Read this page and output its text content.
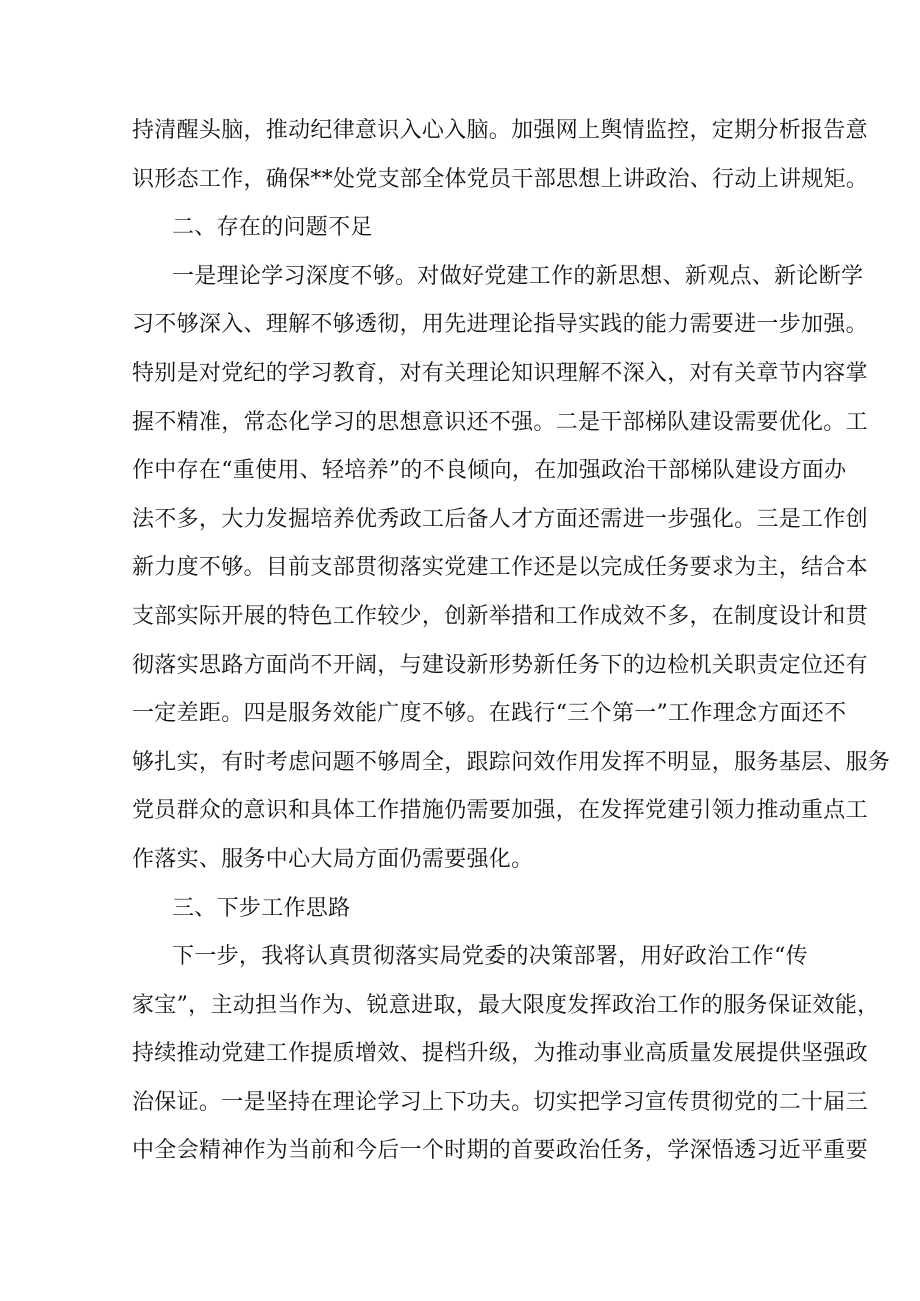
持清醒头脑，推动纪律意识入心入脑。加强网上舆情监控，定期分析报告意
识形态工作，确保**处党支部全体党员干部思想上讲政治、行动上讲规矩。
二、存在的问题不足
一是理论学习深度不够。对做好党建工作的新思想、新观点、新论断学
习不够深入、理解不够透彻，用先进理论指导实践的能力需要进一步加强。
特别是对党纪的学习教育，对有关理论知识理解不深入，对有关章节内容掌
握不精准，常态化学习的思想意识还不强。二是干部梯队建设需要优化。工
作中存在“重使用、轻培养”的不良倾向，在加强政治干部梯队建设方面办
法不多，大力发掘培养优秀政工后备人才方面还需进一步强化。三是工作创
新力度不够。目前支部贯彻落实党建工作还是以完成任务要求为主，结合本
支部实际开展的特色工作较少，创新举措和工作成效不多，在制度设计和贯
彻落实思路方面尚不开阔，与建设新形势新任务下的边检机关职责定位还有
一定差距。四是服务效能广度不够。在践行“三个第一”工作理念方面还不
够扎实，有时考虑问题不够周全，跟踪问效作用发挥不明显，服务基层、服务
党员群众的意识和具体工作措施仍需要加强，在发挥党建引领力推动重点工
作落实、服务中心大局方面仍需要强化。
三、下步工作思路
下一步，我将认真贯彻落实局党委的决策部署，用好政治工作“传
家宝”，主动担当作为、锐意进取，最大限度发挥政治工作的服务保证效能，
持续推动党建工作提质增效、提档升级，为推动事业高质量发展提供坚强政
治保证。一是坚持在理论学习上下功夫。切实把学习宣传贯彻党的二十届三
中全会精神作为当前和今后一个时期的首要政治任务，学深悟透习近平重要
